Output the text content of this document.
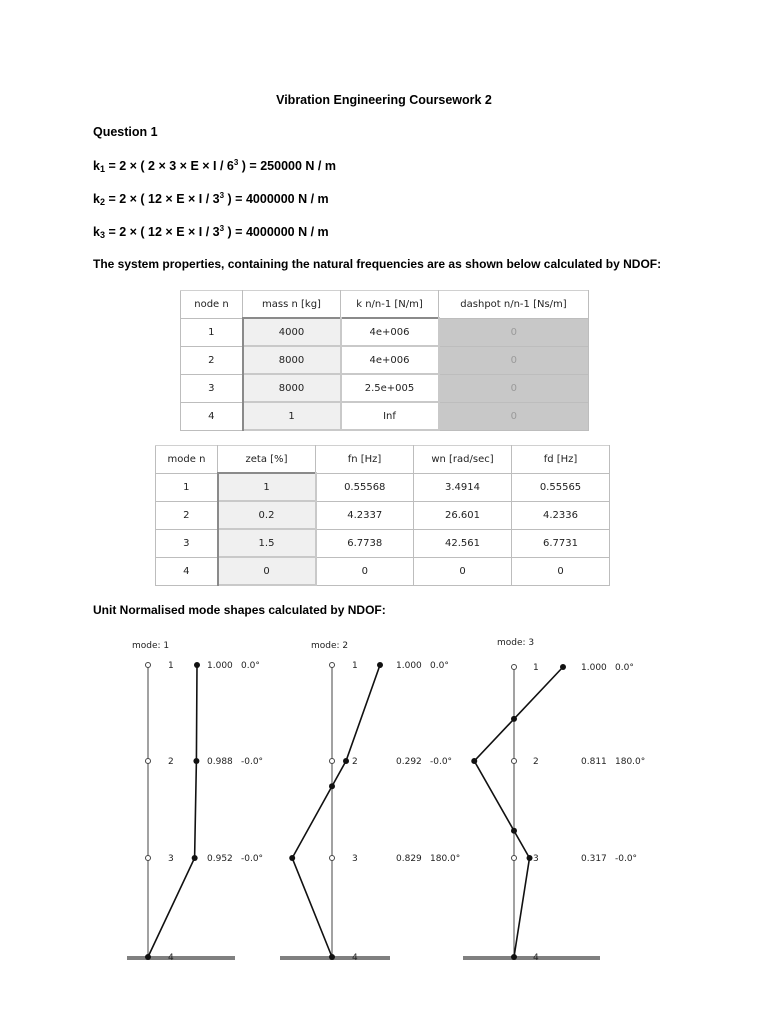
Vibration Engineering Coursework 2
Question 1
$k_1 = 2$ × ( $2 \times 3 \times E \times I / 6^3$ ) = 250000 N / m
$k_2 = 2$ × ( $12 \times E \times I / 3^3$ ) = 4000000 N / m
$k_3 = 2$ × ( $12 \times E \times I / 3^3$ ) = 4000000 N / m
The system properties, containing the natural frequencies are as shown below calculated by NDOF:
node n	mass n [kg]	k n/n-1 [N/m]	dashpot n/n-1 [Ns/m]
1	4000	4e+006	0
2	8000	4e+006	0
3	8000	2.5e+005	0
4	1	Inf	0
mode n	zeta [%]	fn [Hz]	wn [rad/sec]	fd [Hz]
1	1	0.55568	3.4914	0.55565
2	0.2	4.2337	26.601	4.2336
3	1.5	6.7738	42.561	6.7731
4	0	0	0	0
Unit Normalised mode shapes calculated by NDOF:
mode: 1
1
2
3
4
1.000 0.0°
0.988 -0.0°
0.952 -0.0°
mode: 2
1
2
3
4
1.000 0.0°
0.292 -0.0°
0.829 180.0°
mode: 3
1
2
3
4
1.000 0.0°
0.811 180.0°
0.317 -0.0°
